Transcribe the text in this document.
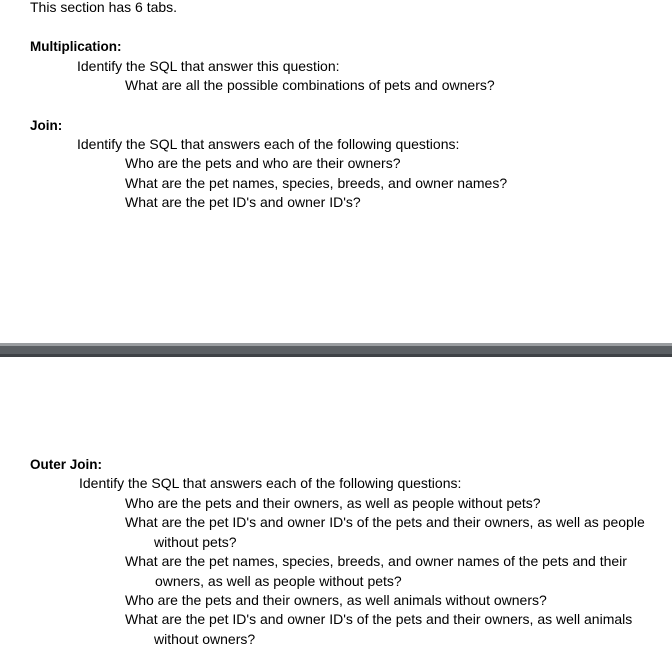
This section has 6 tabs.
Multiplication:
Identify the SQL that answer this question:
What are all the possible combinations of pets and owners?
Join:
Identify the SQL that answers each of the following questions:
Who are the pets and who are their owners?
What are the pet names, species, breeds, and owner names?
What are the pet ID's and owner ID's?
Outer Join:
Identify the SQL that answers each of the following questions:
Who are the pets and their owners, as well as people without pets?
What are the pet ID's and owner ID's of the pets and their owners, as well as people
without pets?
What are the pet names, species, breeds, and owner names of the pets and their
owners, as well as people without pets?
Who are the pets and their owners, as well animals without owners?
What are the pet ID's and owner ID's of the pets and their owners, as well animals
without owners?
